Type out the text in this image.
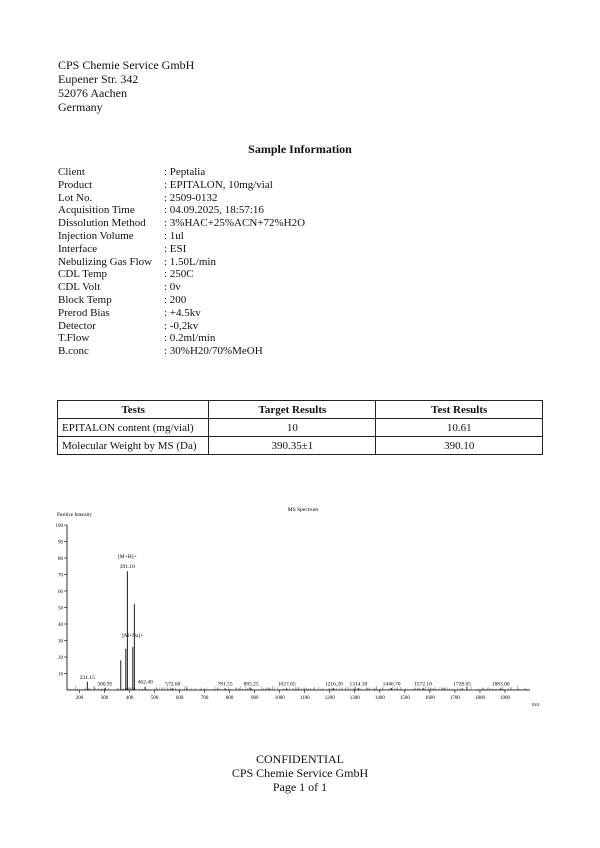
CPS Chemie Service GmbH
Eupener Str. 342
52076 Aachen
Germany
Sample Information
Client	: Peptalia
Product	: EPITALON, 10mg/vial
Lot No.	: 2509-0132
Acquisition Time	: 04.09.2025, 18:57:16
Dissolution Method	: 3%HAC+25%ACN+72%H2O
Injection Volume	: 1ul
Interface	: ESI
Nebulizing Gas Flow	: 1.50L/min
CDL Temp	: 250C
CDL Volt	: 0v
Block Temp	: 200
Prerod Bias	: +4.5kv
Detector	: -0,2kv
T.Flow	: 0.2ml/min
B.conc	: 30%H20/70%MeOH
Tests	Target Results	Test Results
EPITALON content (mg/vial)	10	10.61
Molecular Weight by MS (Da)	390.35±1	390.10
MS Spectrum
Positive Intensity
m/z
10
20
30
40
50
60
70
80
90
100
200	300	400	500	600	700	800	900	1000	1100	1200	1300	1400	1500	1600	1700	1800	1900
231.15
300.95
391.10
462.40 572.60	781.55 885.25	1027.65	1216.20 1314.30	1446.70 1572.10	1728.65	1883.00
[M+H]+
[M+Na]+
CONFIDENTIAL
CPS Chemie Service GmbH
Page 1 of 1
